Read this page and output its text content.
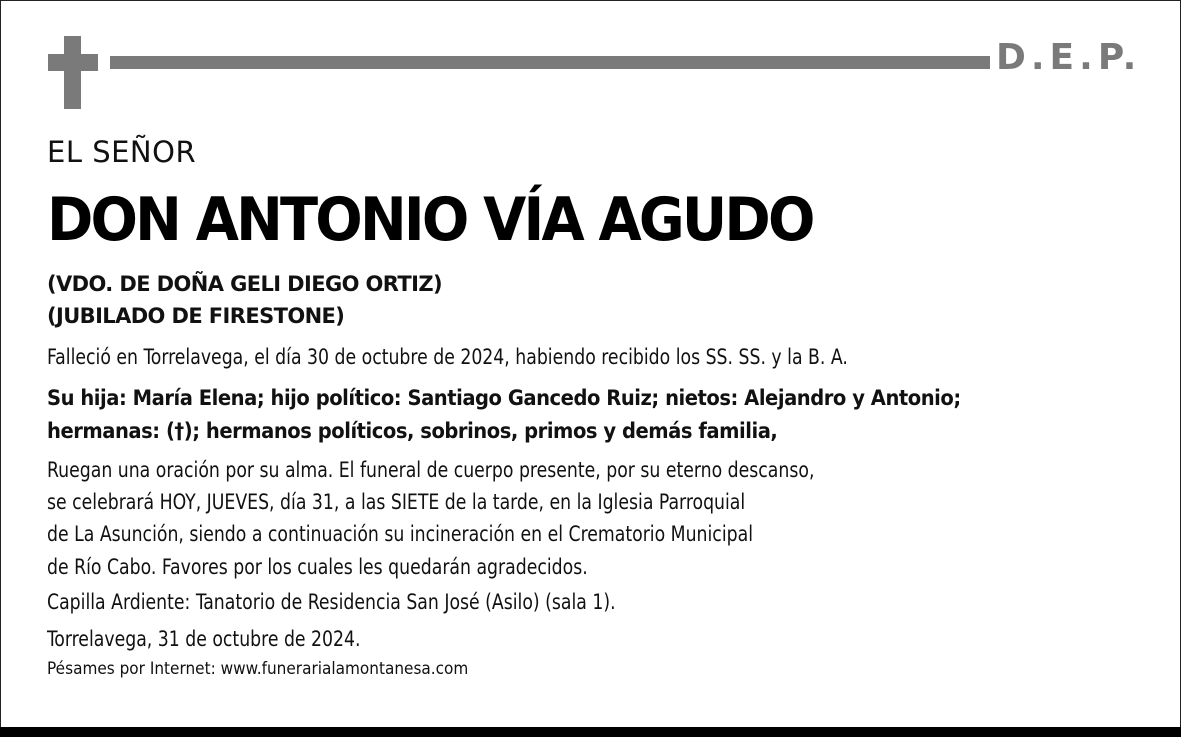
D.E.P.

EL SEÑOR

DON ANTONIO VÍA AGUDO

(VDO. DE DOÑA GELI DIEGO ORTIZ)

(JUBILADO DE FIRESTONE)

Falleció en Torrelavega, el día 30 de octubre de 2024, habiendo recibido los SS. SS. y la B. A.

Su hija: María Elena; hijo político: Santiago Gancedo Ruiz; nietos: Alejandro y Antonio;

hermanas: (†); hermanos políticos, sobrinos, primos y demás familia,

Ruegan una oración por su alma. El funeral de cuerpo presente, por su eterno descanso,

se celebrará HOY, JUEVES, día 31, a las SIETE de la tarde, en la Iglesia Parroquial

de La Asunción, siendo a continuación su incineración en el Crematorio Municipal

de Río Cabo. Favores por los cuales les quedarán agradecidos.

Capilla Ardiente: Tanatorio de Residencia San José (Asilo) (sala 1).

Torrelavega, 31 de octubre de 2024.

Pésames por Internet: www.funerarialamontanesa.com
